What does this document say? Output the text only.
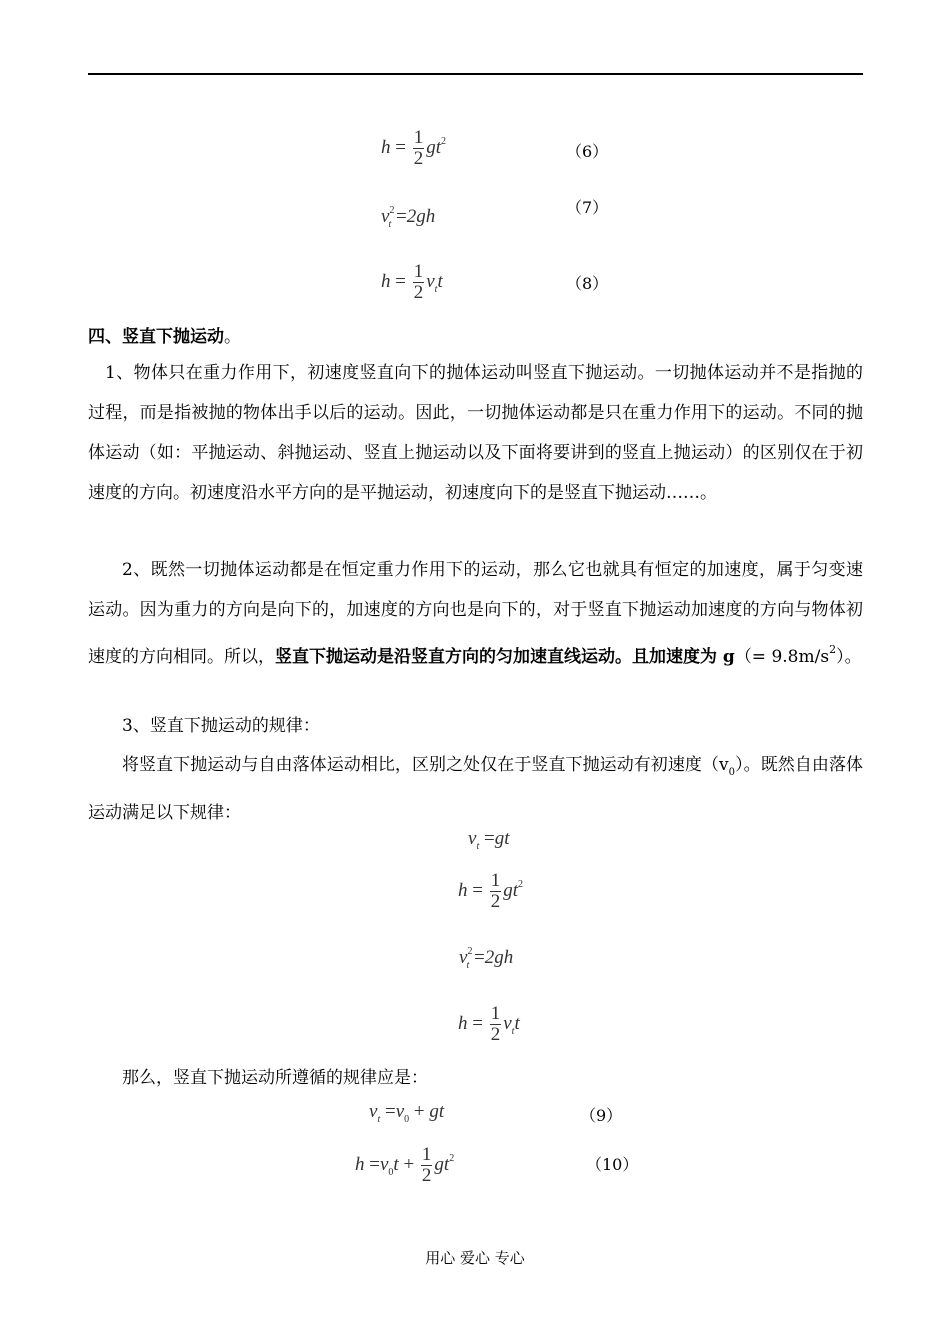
$h = \frac{1}{2} gt^2$
（6）
$v^2_t =2gh$	（7）
$h = \frac{1}{2} v_tt$	（8）
四、竖直下抛运动。
1、物体只在重力作用下，初速度竖直向下的抛体运动叫竖直下抛运动。一切抛体运动并不是指抛的过程，而是指被抛的物体出手以后的运动。因此，一切抛体运动都是只在重力作用下的运动。不同的抛体运动（如：平抛运动、斜抛运动、竖直上抛运动以及下面将要讲到的竖直上抛运动）的区别仅在于初速度的方向。初速度沿水平方向的是平抛运动，初速度向下的是竖直下抛运动……。
2、既然一切抛体运动都是在恒定重力作用下的运动，那么它也就具有恒定的加速度，属于匀变速运动。因为重力的方向是向下的，加速度的方向也是向下的，对于竖直下抛运动加速度的方向与物体初速度的方向相同。所以，竖直下抛运动是沿竖直方向的匀加速直线运动。且加速度为 $g(= 9.8m/s^2)$。
3、竖直下抛运动的规律：
将竖直下抛运动与自由落体运动相比，区别之处仅在于竖直下抛运动有初速度$(v_0)$。既然自由落体运动满足以下规律：
$v_t =gt$
$h = \frac{1}{2} gt^2$
$v^2_t =2gh$
$h = \frac{1}{2} v_tt$
那么，竖直下抛运动所遵循的规律应是：
$v_t =v_0$ + gt	（9）
$h =v_0t + \frac{1}{2} gt^2$	（10）
用心 爱心 专心
